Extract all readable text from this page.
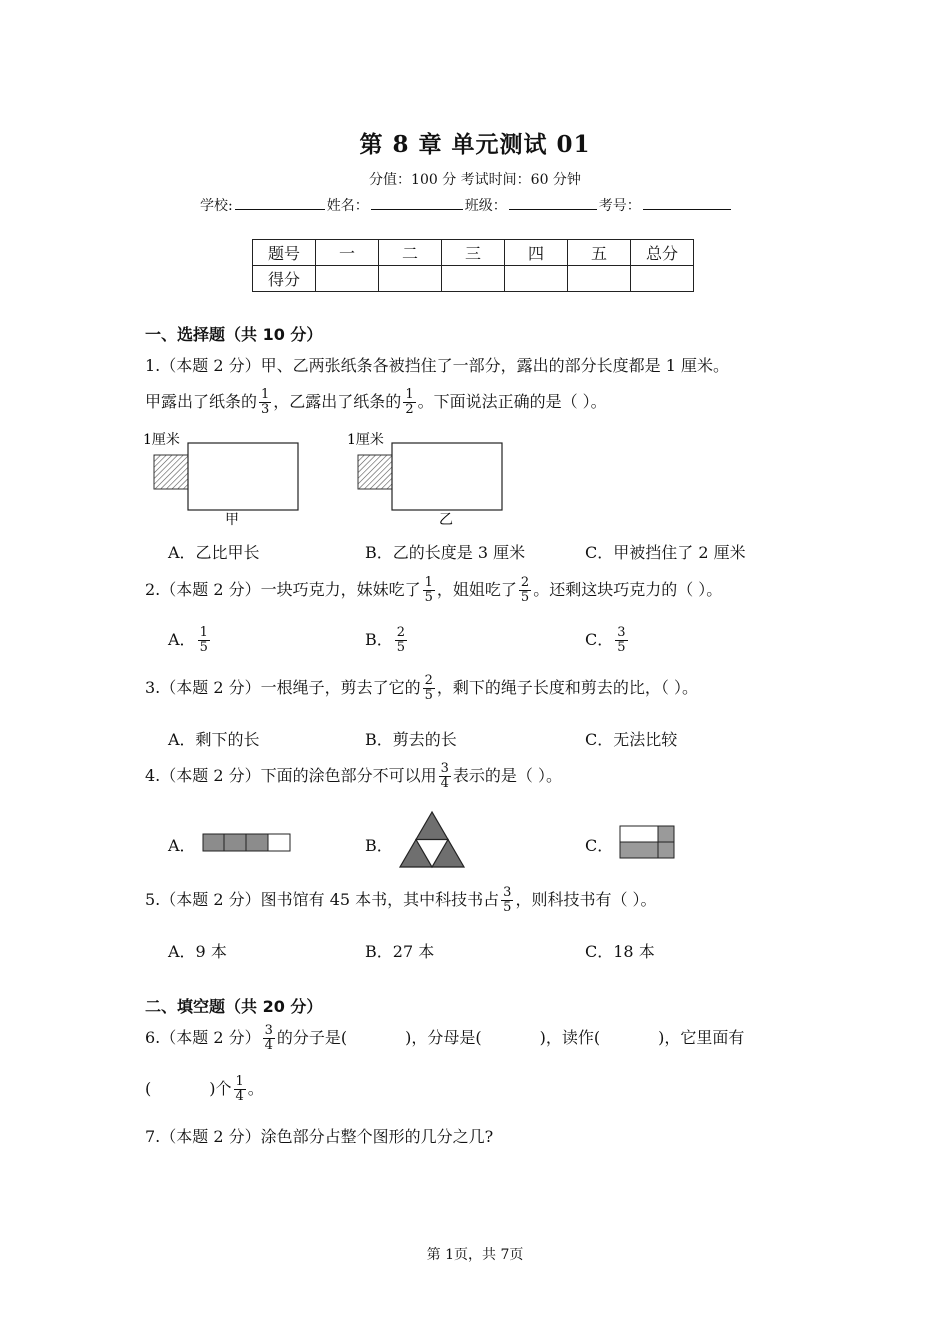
第 8 章 单元测试 01
分值：100 分 考试时间：60 分钟
学校:	姓名：	班级：	考号：
题号	一	二	三	四	五	总分
得分						
一、选择题（共 10 分）
1.（本题 2 分）甲、乙两张纸条各被挡住了一部分，露出的部分长度都是 1 厘米。
甲露出了纸条的 $\frac{1}{3}$ ，乙露出了纸条的 $\frac{1}{2}$ 。下面说法正确的是（ ）。
1厘米
甲
1厘米
乙
A．乙比甲长	B．乙的长度是 3 厘米	C．甲被挡住了 2 厘米
2.（本题 2 分）一块巧克力，妹妹吃了 $\frac{1}{5}$ ，姐姐吃了 $\frac{2}{5}$ 。还剩这块巧克力的（ ）。
A． $\frac{1}{5}$	B． $\frac{2}{5}$	C． $\frac{3}{5}$
3.（本题 2 分）一根绳子，剪去了它的 $\frac{2}{5}$ ，剩下的绳子长度和剪去的比，（ ）。
A．剩下的长	B．剪去的长	C．无法比较
4.（本题 2 分）下面的涂色部分不可以用 $\frac{3}{4}$ 表示的是（ ）。
A．	B．	C．
5.（本题 2 分）图书馆有 45 本书，其中科技书占 $\frac{3}{5}$ ，则科技书有（ ）。
A．9 本	B．27 本	C．18 本
二、填空题（共 20 分）
6.（本题 2 分） $\frac{3}{4}$ 的分子是(	)，分母是(	)，读作(	)，它里面有
(	)个 $\frac{1}{4}$ 。
7.（本题 2 分）涂色部分占整个图形的几分之几?
第 1页，共 7页
